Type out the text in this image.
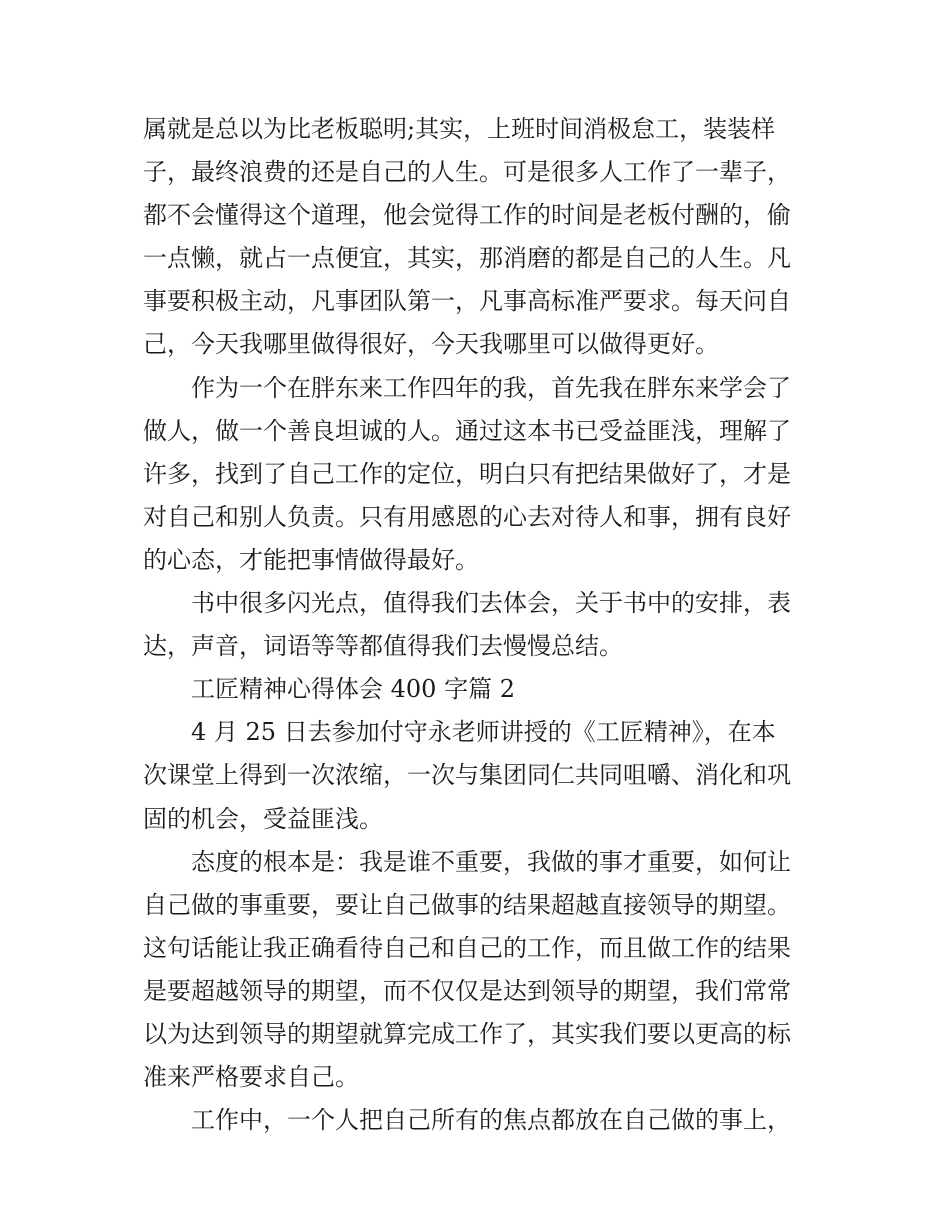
属就是总以为比老板聪明;其实，上班时间消极怠工，装装样
子，最终浪费的还是自己的人生。可是很多人工作了一辈子，
都不会懂得这个道理，他会觉得工作的时间是老板付酬的，偷
一点懒，就占一点便宜，其实，那消磨的都是自己的人生。凡
事要积极主动，凡事团队第一，凡事高标准严要求。每天问自
己，今天我哪里做得很好，今天我哪里可以做得更好。
作为一个在胖东来工作四年的我，首先我在胖东来学会了
做人，做一个善良坦诚的人。通过这本书已受益匪浅，理解了
许多，找到了自己工作的定位，明白只有把结果做好了，才是
对自己和别人负责。只有用感恩的心去对待人和事，拥有良好
的心态，才能把事情做得最好。
书中很多闪光点，值得我们去体会，关于书中的安排，表
达，声音，词语等等都值得我们去慢慢总结。
工匠精神心得体会 400 字篇 2
4 月 25 日去参加付守永老师讲授的《工匠精神》，在本
次课堂上得到一次浓缩，一次与集团同仁共同咀嚼、消化和巩
固的机会，受益匪浅。
态度的根本是：我是谁不重要，我做的事才重要，如何让
自己做的事重要，要让自己做事的结果超越直接领导的期望。
这句话能让我正确看待自己和自己的工作，而且做工作的结果
是要超越领导的期望，而不仅仅是达到领导的期望，我们常常
以为达到领导的期望就算完成工作了，其实我们要以更高的标
准来严格要求自己。
工作中，一个人把自己所有的焦点都放在自己做的事上，
